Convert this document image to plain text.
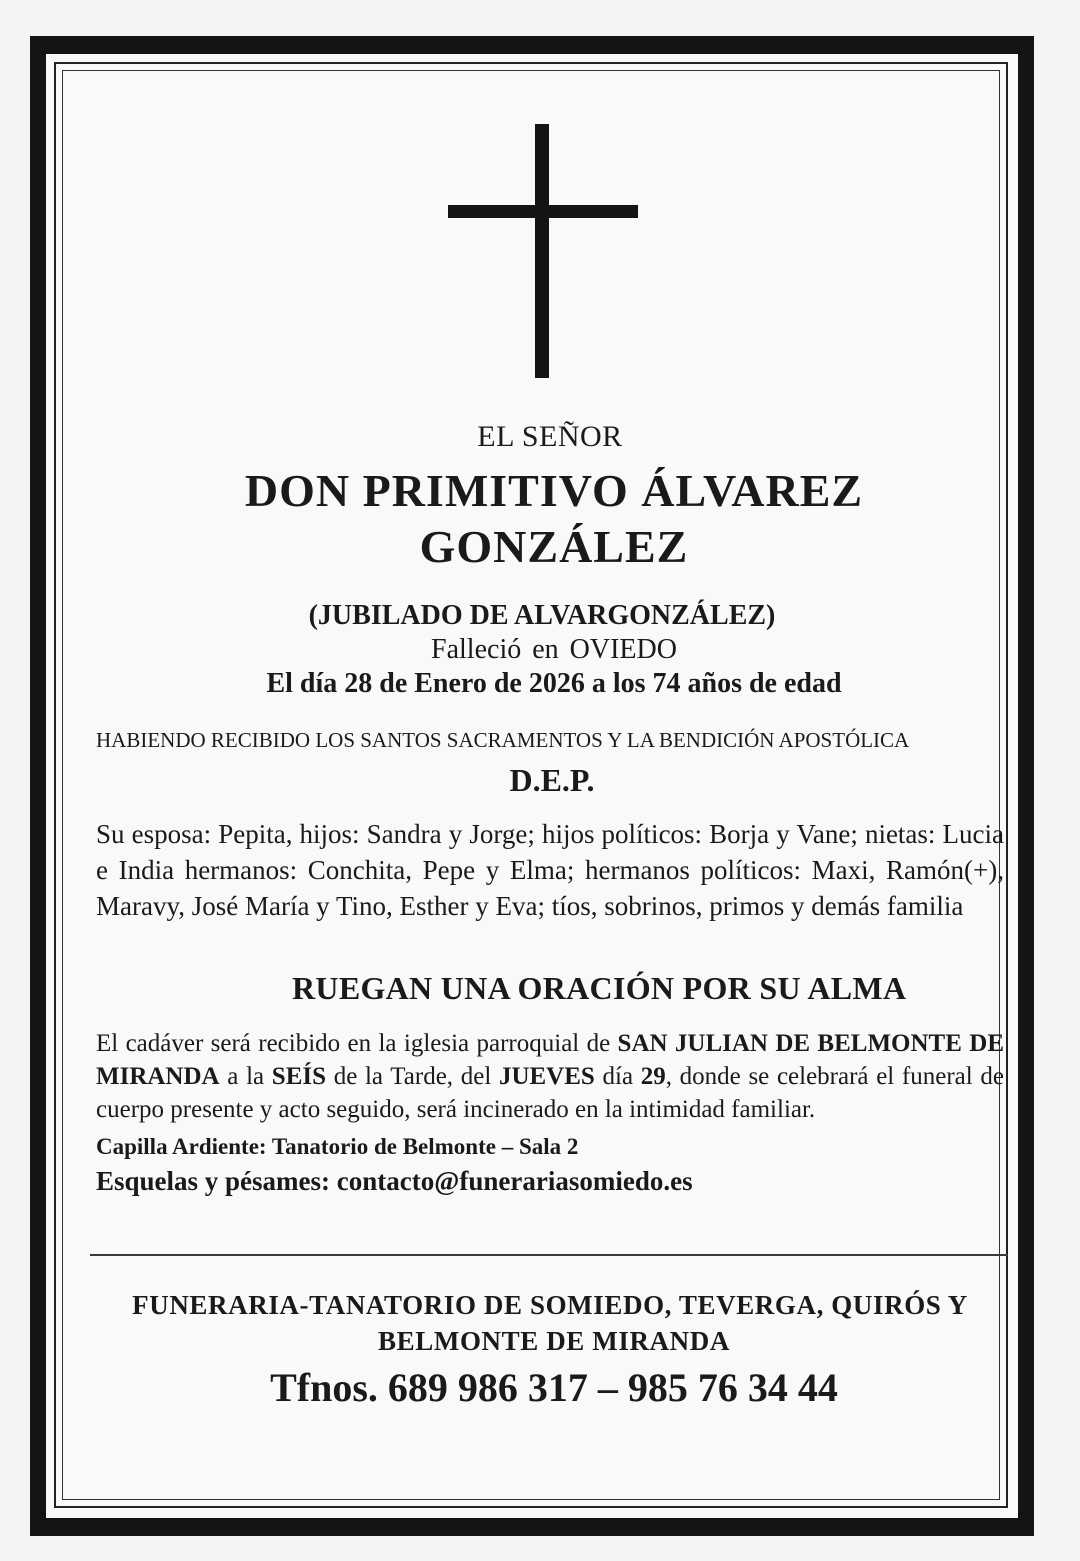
EL SEÑOR
DON PRIMITIVO ÁLVAREZ
GONZÁLEZ
(JUBILADO DE ALVARGONZÁLEZ)
Falleció en OVIEDO
El día 28 de Enero de 2026 a los 74 años de edad
HABIENDO RECIBIDO LOS SANTOS SACRAMENTOS Y LA BENDICIÓN APOSTÓLICA
D.E.P.
Su esposa: Pepita, hijos: Sandra y Jorge; hijos políticos: Borja y Vane; nietas: Lucia e India hermanos: Conchita, Pepe y Elma; hermanos políticos: Maxi, Ramón(+), Maravy, José María y Tino, Esther y Eva; tíos, sobrinos, primos y demás familia
RUEGAN UNA ORACIÓN POR SU ALMA
El cadáver será recibido en la iglesia parroquial de SAN JULIAN DE BELMONTE DE MIRANDA a la SEÍS de la Tarde, del JUEVES día 29, donde se celebrará el funeral de cuerpo presente y acto seguido, será incinerado en la intimidad familiar.
Capilla Ardiente: Tanatorio de Belmonte – Sala 2
Esquelas y pésames: contacto@funerariasomiedo.es
FUNERARIA-TANATORIO DE SOMIEDO, TEVERGA, QUIRÓS Y
BELMONTE DE MIRANDA
Tfnos. 689 986 317 – 985 76 34 44
